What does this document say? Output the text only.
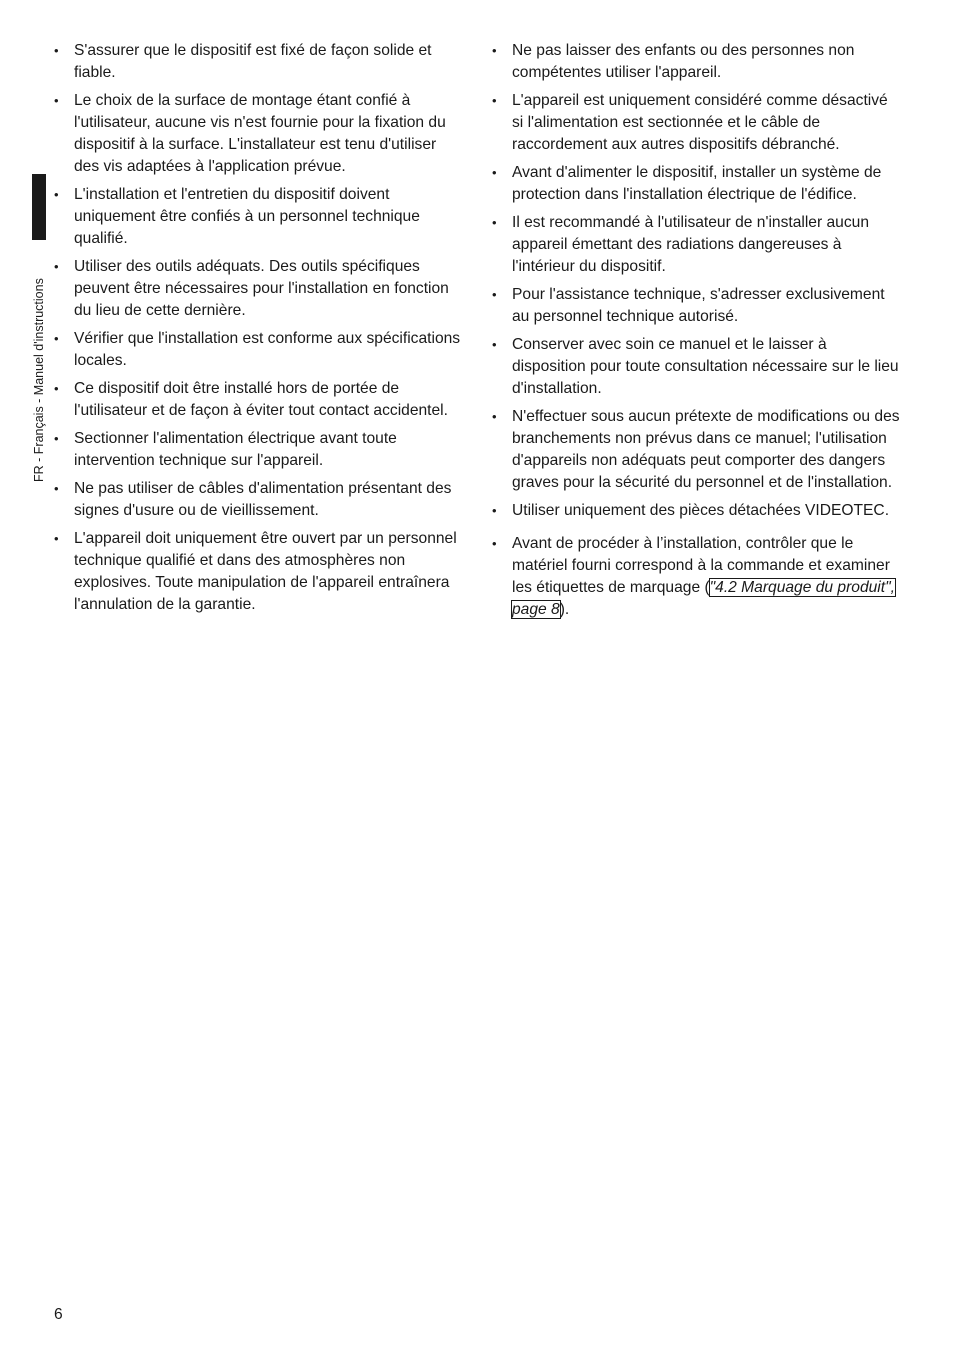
FR - Français - Manuel d'instructions
• S'assurer que le dispositif est fixé de façon solide et fiable.
• Le choix de la surface de montage étant confié à l'utilisateur, aucune vis n'est fournie pour la fixation du dispositif à la surface. L'installateur est tenu d'utiliser des vis adaptées à l'application prévue.
• L'installation et l'entretien du dispositif doivent uniquement être confiés à un personnel technique qualifié.
• Utiliser des outils adéquats. Des outils spécifiques peuvent être nécessaires pour l'installation en fonction du lieu de cette dernière.
• Vérifier que l'installation est conforme aux spécifications locales.
• Ce dispositif doit être installé hors de portée de l'utilisateur et de façon à éviter tout contact accidentel.
• Sectionner l'alimentation électrique avant toute intervention technique sur l'appareil.
• Ne pas utiliser de câbles d'alimentation présentant des signes d'usure ou de vieillissement.
• L'appareil doit uniquement être ouvert par un personnel technique qualifié et dans des atmosphères non explosives. Toute manipulation de l'appareil entraînera l'annulation de la garantie.
• Ne pas laisser des enfants ou des personnes non compétentes utiliser l'appareil.
• L'appareil est uniquement considéré comme désactivé si l'alimentation est sectionnée et le câble de raccordement aux autres dispositifs débranché.
• Avant d'alimenter le dispositif, installer un système de protection dans l'installation électrique de l'édifice.
• Il est recommandé à l'utilisateur de n'installer aucun appareil émettant des radiations dangereuses à l'intérieur du dispositif.
• Pour l'assistance technique, s'adresser exclusivement au personnel technique autorisé.
• Conserver avec soin ce manuel et le laisser à disposition pour toute consultation nécessaire sur le lieu d'installation.
• N'effectuer sous aucun prétexte de modifications ou des branchements non prévus dans ce manuel; l'utilisation d'appareils non adéquats peut comporter des dangers graves pour la sécurité du personnel et de l'installation.
• Utiliser uniquement des pièces détachées VIDEOTEC.
• Avant de procéder à l’installation, contrôler que le matériel fourni correspond à la commande et examiner les étiquettes de marquage ("4.2 Marquage du produit", page 8).
6
